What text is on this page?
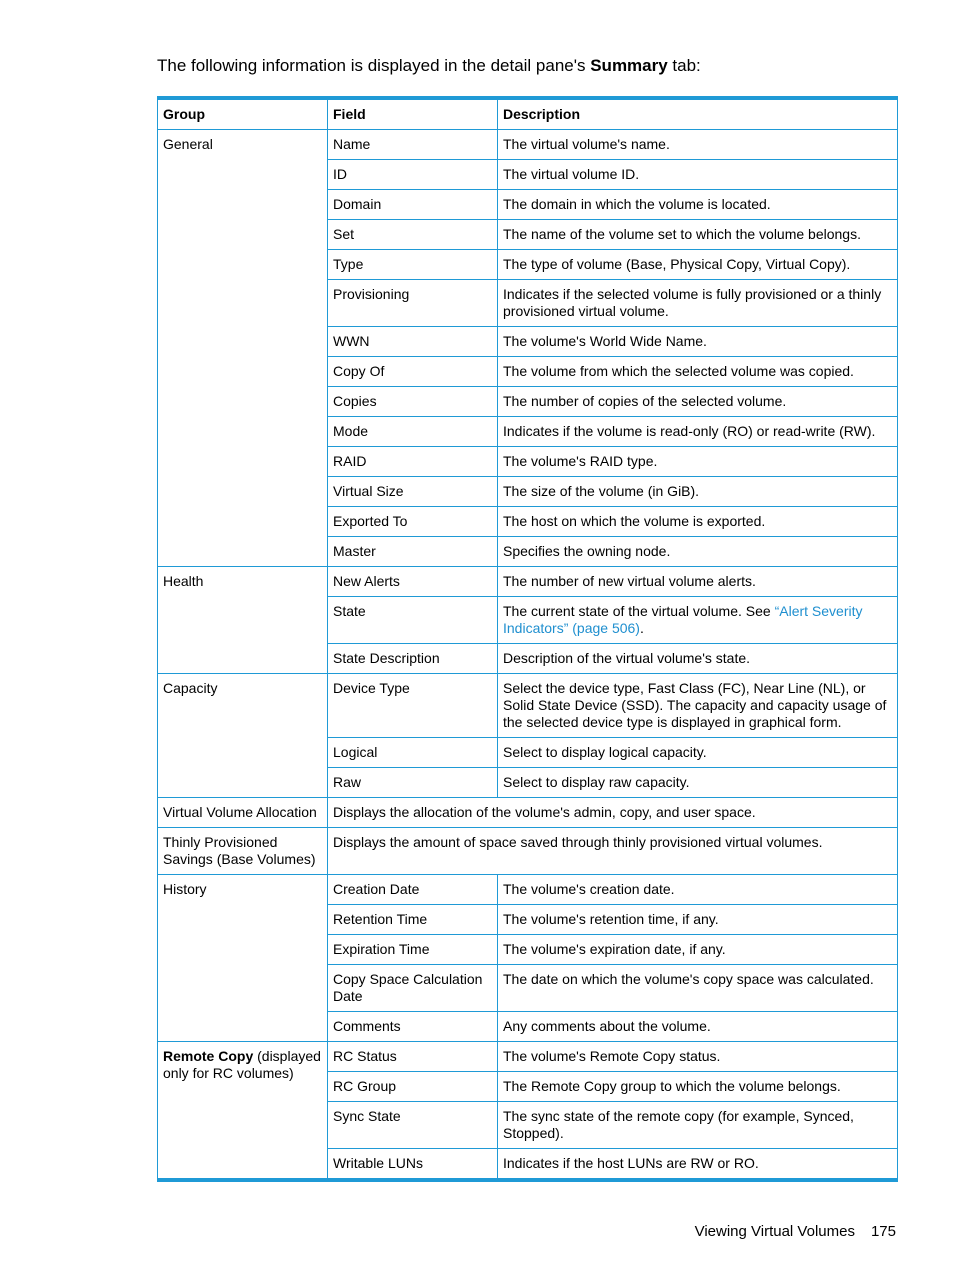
The following information is displayed in the detail pane's Summary tab:

Group	Field	Description
General	Name	The virtual volume's name.
	ID	The virtual volume ID.
	Domain	The domain in which the volume is located.
	Set	The name of the volume set to which the volume belongs.
	Type	The type of volume (Base, Physical Copy, Virtual Copy).
	Provisioning	Indicates if the selected volume is fully provisioned or a thinly provisioned virtual volume.
	WWN	The volume's World Wide Name.
	Copy Of	The volume from which the selected volume was copied.
	Copies	The number of copies of the selected volume.
	Mode	Indicates if the volume is read-only (RO) or read-write (RW).
	RAID	The volume's RAID type.
	Virtual Size	The size of the volume (in GiB).
	Exported To	The host on which the volume is exported.
	Master	Specifies the owning node.
Health	New Alerts	The number of new virtual volume alerts.
	State	The current state of the virtual volume. See “Alert Severity Indicators” (page 506).
	State Description	Description of the virtual volume's state.
Capacity	Device Type	Select the device type, Fast Class (FC), Near Line (NL), or Solid State Device (SSD). The capacity and capacity usage of the selected device type is displayed in graphical form.
	Logical	Select to display logical capacity.
	Raw	Select to display raw capacity.
Virtual Volume Allocation	Displays the allocation of the volume's admin, copy, and user space.	
Thinly Provisioned Savings (Base Volumes)	Displays the amount of space saved through thinly provisioned virtual volumes.	
History	Creation Date	The volume's creation date.
	Retention Time	The volume's retention time, if any.
	Expiration Time	The volume's expiration date, if any.
	Copy Space Calculation Date	The date on which the volume's copy space was calculated.
	Comments	Any comments about the volume.
Remote Copy (displayed only for RC volumes)	RC Status	The volume's Remote Copy status.
	RC Group	The Remote Copy group to which the volume belongs.
	Sync State	The sync state of the remote copy (for example, Synced, Stopped).
	Writable LUNs	Indicates if the host LUNs are RW or RO.
Viewing Virtual Volumes 175
